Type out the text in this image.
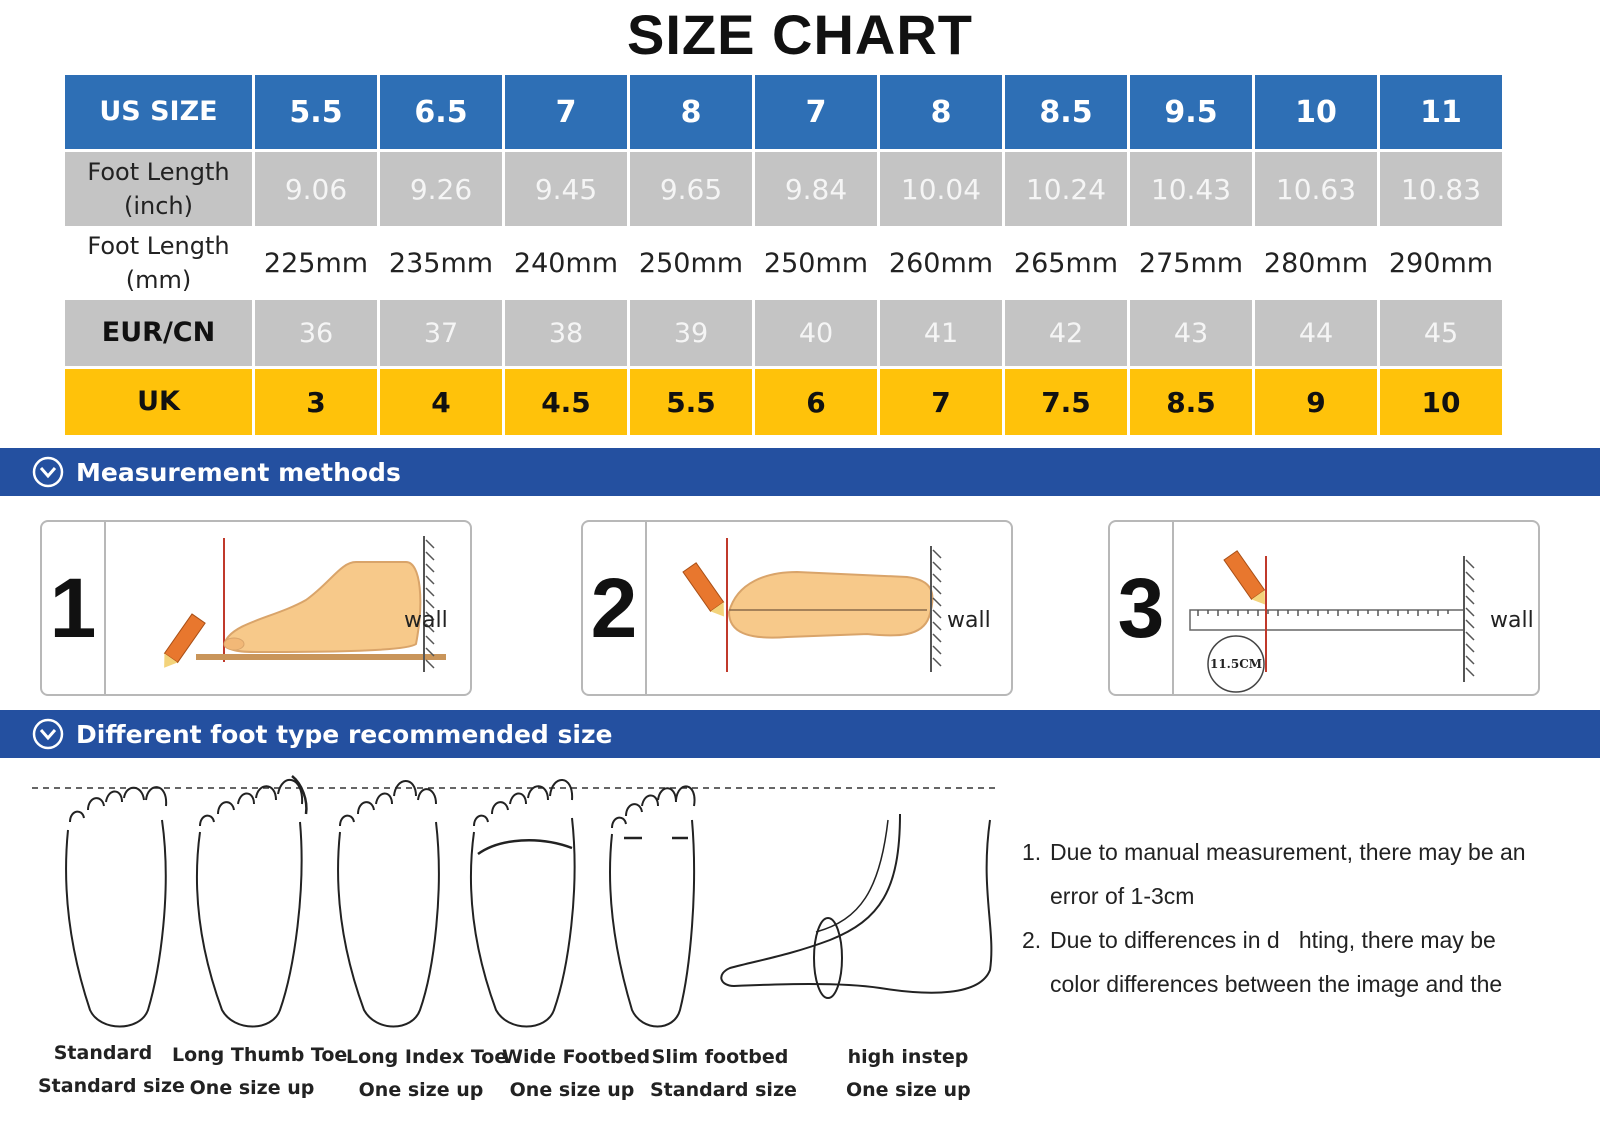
SIZE CHART
US SIZE	5.5	6.5	7	8	7	8	8.5	9.5	10	11
Foot Length
(inch)	9.06	9.26	9.45	9.65	9.84	10.04	10.24	10.43	10.63	10.83
Foot Length
(mm)	225mm	235mm	240mm	250mm	250mm	260mm	265mm	275mm	280mm	290mm
EUR/CN	36	37	38	39	40	41	42	43	44	45
UK	3	4	4.5	5.5	6	7	7.5	8.5	9	10
Measurement methods
1	wall 2	wall 3
11.5CM
wall
Different foot type recommended size
Standard
Standard size
Long Thumb Toe
One size up
Long Index Toe
One size up
Wide Footbed
One size up
Slim footbed
Standard size
high instep
One size up
1. Due to manual measurement, there may be an
error of 1-3cm
2. Due to differences in d   hting, there may be
color differences between the image and the
